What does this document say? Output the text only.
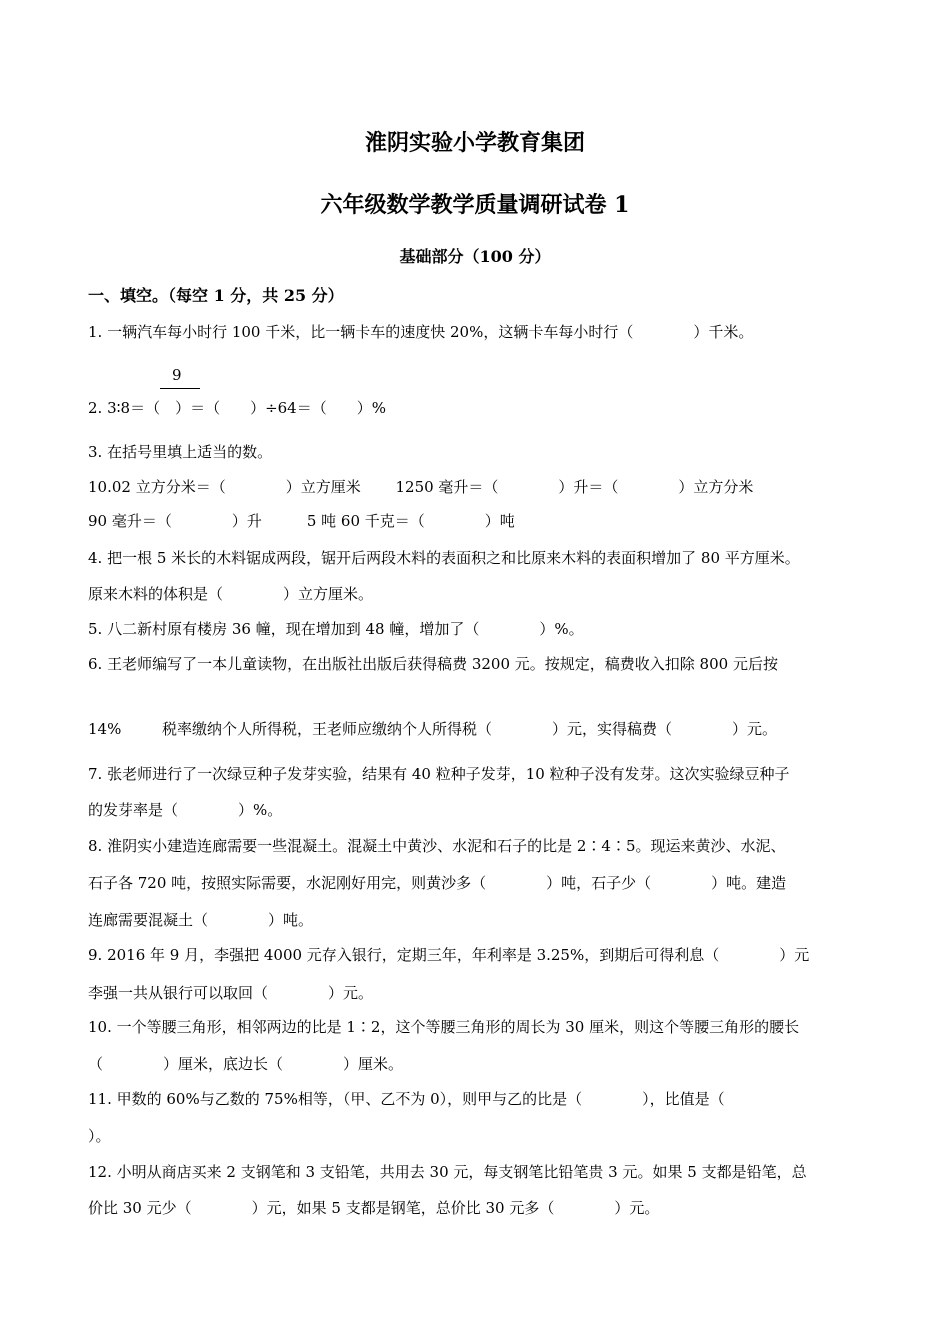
淮阴实验小学教育集团
六年级数学教学质量调研试卷 1
基础部分（100 分）
一、填空。（每空 1 分，共 25 分）
1. 一辆汽车每小时行 100 千米，比一辆卡车的速度快 20%，这辆卡车每小时行（　　　　）千米。
9
2. 3∶8＝（　）＝（　　）÷64＝（　　）%
3. 在括号里填上适当的数。
10.02 立方分米＝（　　　　）立方厘米　　 1250 毫升＝（　　　　）升＝（　　　　）立方分米
90 毫升＝（　　　　）升　　　5 吨 60 千克＝（　　　　）吨
4. 把一根 5 米长的木料锯成两段，锯开后两段木料的表面积之和比原来木料的表面积增加了 80 平方厘米。
原来木料的体积是（　　　　）立方厘米。
5. 八二新村原有楼房 36 幢，现在增加到 48 幢，增加了（　　　　）%。
6. 王老师编写了一本儿童读物，在出版社出版后获得稿费 3200 元。按规定，稿费收入扣除 800 元后按
14%	税率缴纳个人所得税，王老师应缴纳个人所得税（　　　　）元，实得稿费（　　　　）元。
7. 张老师进行了一次绿豆种子发芽实验，结果有 40 粒种子发芽，10 粒种子没有发芽。这次实验绿豆种子
的发芽率是（　　　　）%。
8. 淮阴实小建造连廊需要一些混凝土。混凝土中黄沙、水泥和石子的比是 2∶4∶5。现运来黄沙、水泥、
石子各 720 吨，按照实际需要，水泥刚好用完，则黄沙多（　　　　）吨，石子少（　　　　）吨。建造
连廊需要混凝土（　　　　）吨。
9. 2016 年 9 月，李强把 4000 元存入银行，定期三年，年利率是 3.25%，到期后可得利息（　　　　）元
李强一共从银行可以取回（　　　　）元。
10. 一个等腰三角形，相邻两边的比是 1∶2，这个等腰三角形的周长为 30 厘米，则这个等腰三角形的腰长
（　　　　）厘米，底边长（　　　　）厘米。
11. 甲数的 60%与乙数的 75%相等，（甲、乙不为 0），则甲与乙的比是（　　　　），比值是（
）。
12. 小明从商店买来 2 支钢笔和 3 支铅笔，共用去 30 元，每支钢笔比铅笔贵 3 元。如果 5 支都是铅笔，总
价比 30 元少（　　　　）元，如果 5 支都是钢笔，总价比 30 元多（　　　　）元。
